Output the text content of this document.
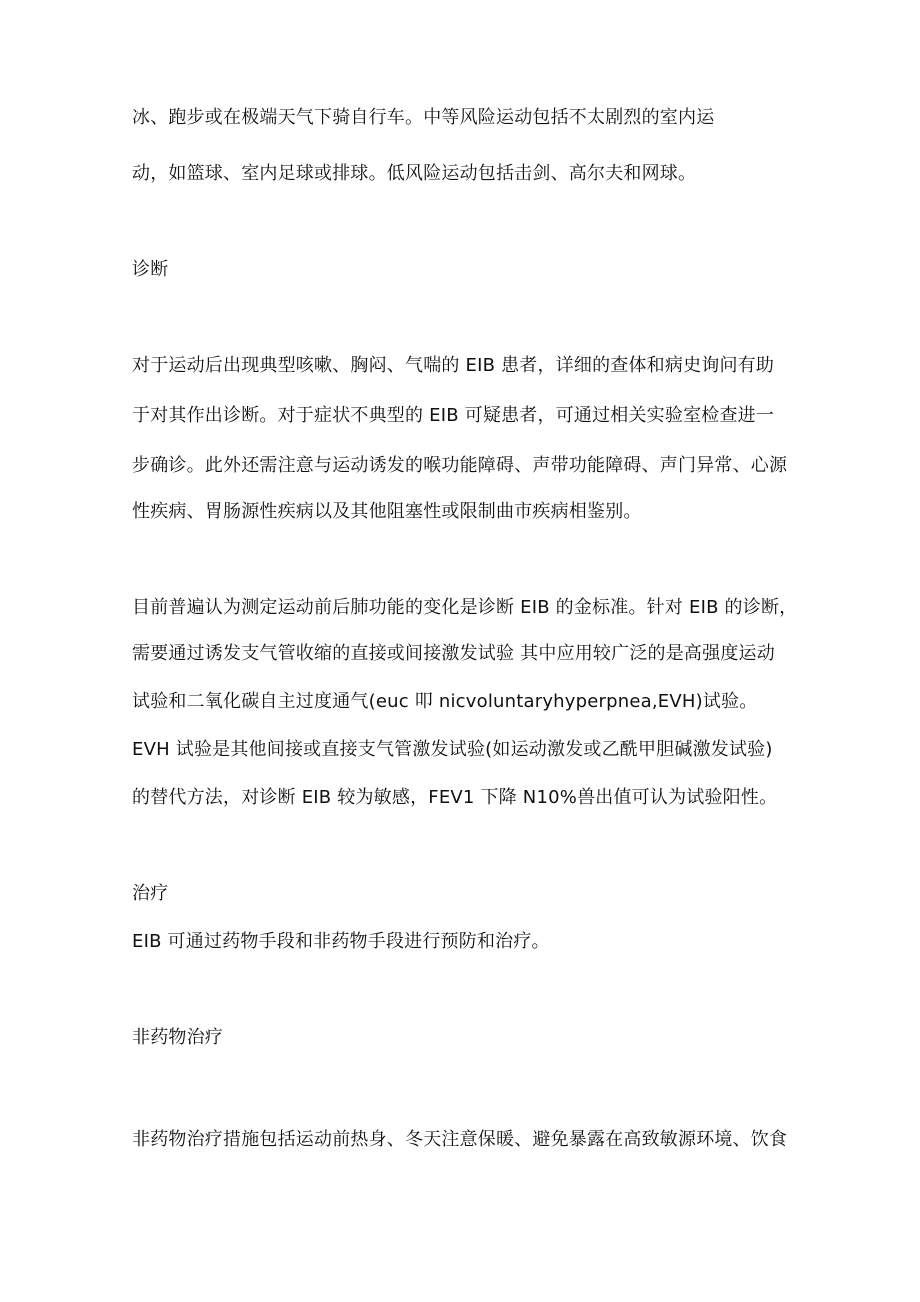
冰、跑步或在极端天气下骑自行车。中等风险运动包括不太剧烈的室内运
动，如篮球、室内足球或排球。低风险运动包括击剑、高尔夫和网球。
诊断
对于运动后出现典型咳嗽、胸闷、气喘的 EIB 患者，详细的查体和病史询问有助
于对其作出诊断。对于症状不典型的 EIB 可疑患者，可通过相关实验室检查进一
步确诊。此外还需注意与运动诱发的喉功能障碍、声带功能障碍、声门异常、心源
性疾病、胃肠源性疾病以及其他阻塞性或限制曲市疾病相鉴别。
目前普遍认为测定运动前后肺功能的变化是诊断 EIB 的金标准。针对 EIB 的诊断，
需要通过诱发支气管收缩的直接或间接激发试验 其中应用较广泛的是高强度运动
试验和二氧化碳自主过度通气(euc 叩 nicvoluntaryhyperpnea,EVH)试验。
EVH 试验是其他间接或直接支气管激发试验(如运动激发或乙酰甲胆碱激发试验)
的替代方法，对诊断 EIB 较为敏感，FEV1 下降 N10%兽出值可认为试验阳性。
治疗
EIB 可通过药物手段和非药物手段进行预防和治疗。
非药物治疗
非药物治疗措施包括运动前热身、冬天注意保暖、避免暴露在高致敏源环境、饮食
